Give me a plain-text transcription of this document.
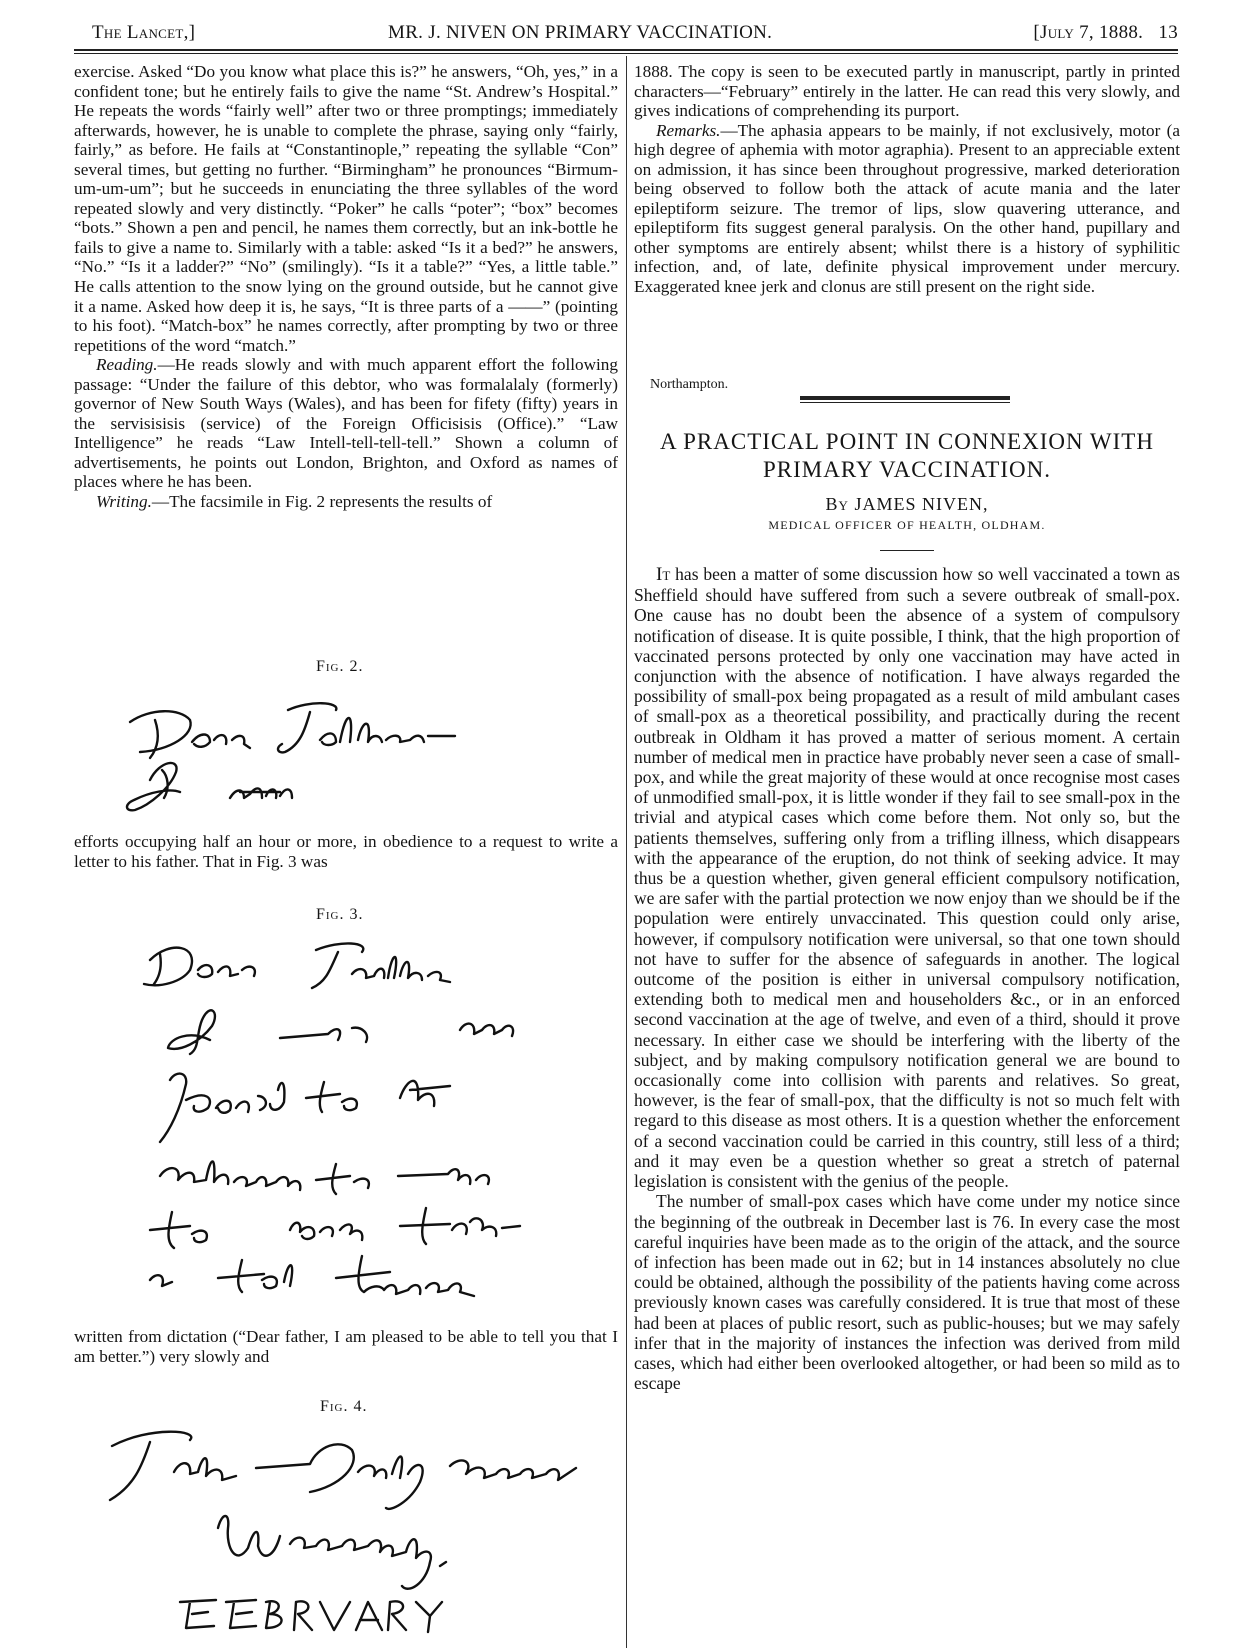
The Lancet,]	MR. J. NIVEN ON PRIMARY VACCINATION.	[July 7, 1888. 13

exercise. Asked “Do you know what place this is?” he answers, “Oh, yes,” in a confident tone; but he entirely fails to give the name “St. Andrew’s Hospital.” He repeats the words “fairly well” after two or three promptings; immediately afterwards, however, he is unable to complete the phrase, saying only “fairly, fairly,” as before. He fails at “Constantinople,” repeating the syllable “Con” several times, but getting no further. “Birmingham” he pronounces “Birmum-um-um-um”; but he succeeds in enunciating the three syllables of the word repeated slowly and very distinctly. “Poker” he calls “poter”; “box” becomes “bots.” Shown a pen and pencil, he names them correctly, but an ink-bottle he fails to give a name to. Similarly with a table: asked “Is it a bed?” he answers, “No.” “Is it a ladder?” “No” (smilingly). “Is it a table?” “Yes, a little table.” He calls attention to the snow lying on the ground outside, but he cannot give it a name. Asked how deep it is, he says, “It is three parts of a ——” (pointing to his foot). “Match-box” he names correctly, after prompting by two or three repetitions of the word “match.”

Reading.—He reads slowly and with much apparent effort the following passage: “Under the failure of this debtor, who was formalalaly (formerly) governor of New South Ways (Wales), and has been for fifety (fifty) years in the servisisisis (service) of the Foreign Officisisis (Office).” “Law Intelligence” he reads “Law Intell-tell-tell-tell.” Shown a column of advertisements, he points out London, Brighton, and Oxford as names of places where he has been.

Writing.—The facsimile in Fig. 2 represents the results of

Fig. 2.

efforts occupying half an hour or more, in obedience to a request to write a letter to his father. That in Fig. 3 was

Fig. 3.

written from dictation (“Dear father, I am pleased to be able to tell you that I am better.”) very slowly and

Fig. 4.

1888. The copy is seen to be executed partly in manuscript, partly in printed characters—“February” entirely in the latter. He can read this very slowly, and gives indications of comprehending its purport.

Remarks.—The aphasia appears to be mainly, if not exclusively, motor (a high degree of aphemia with motor agraphia). Present to an appreciable extent on admission, it has since been throughout progressive, marked deterioration being observed to follow both the attack of acute mania and the later epileptiform seizure. The tremor of lips, slow quavering utterance, and epileptiform fits suggest general paralysis. On the other hand, pupillary and other symptoms are entirely absent; whilst there is a history of syphilitic infection, and, of late, definite physical improvement under mercury. Exaggerated knee jerk and clonus are still present on the right side.

Northampton.
A PRACTICAL POINT IN CONNEXION WITH
PRIMARY VACCINATION.
By JAMES NIVEN,
MEDICAL OFFICER OF HEALTH, OLDHAM.

It has been a matter of some discussion how so well vaccinated a town as Sheffield should have suffered from such a severe outbreak of small-pox. One cause has no doubt been the absence of a system of compulsory notification of disease. It is quite possible, I think, that the high proportion of vaccinated persons protected by only one vaccination may have acted in conjunction with the absence of notification. I have always regarded the possibility of small-pox being propagated as a result of mild ambulant cases of small-pox as a theoretical possibility, and practically during the recent outbreak in Oldham it has proved a matter of serious moment. A certain number of medical men in practice have probably never seen a case of small-pox, and while the great majority of these would at once recognise most cases of unmodified small-pox, it is little wonder if they fail to see small-pox in the trivial and atypical cases which come before them. Not only so, but the patients themselves, suffering only from a trifling illness, which disappears with the appearance of the eruption, do not think of seeking advice. It may thus be a question whether, given general efficient compulsory notification, we are safer with the partial protection we now enjoy than we should be if the population were entirely unvaccinated. This question could only arise, however, if compulsory notification were universal, so that one town should not have to suffer for the absence of safeguards in another. The logical outcome of the position is either in universal compulsory notification, extending both to medical men and householders &c., or in an enforced second vaccination at the age of twelve, and even of a third, should it prove necessary. In either case we should be interfering with the liberty of the subject, and by making compulsory notification general we are bound to occasionally come into collision with parents and relatives. So great, however, is the fear of small-pox, that the difficulty is not so much felt with regard to this disease as most others. It is a question whether the enforcement of a second vaccination could be carried in this country, still less of a third; and it may even be a question whether so great a stretch of paternal legislation is consistent with the genius of the people.

The number of small-pox cases which have come under my notice since the beginning of the outbreak in December last is 76. In every case the most careful inquiries have been made as to the origin of the attack, and the source of infection has been made out in 62; but in 14 instances absolutely no clue could be obtained, although the possibility of the patients having come across previously known cases was carefully considered. It is true that most of these had been at places of public resort, such as public-houses; but we may safely infer that in the majority of instances the infection was derived from mild cases, which had either been overlooked altogether, or had been so mild as to escape
